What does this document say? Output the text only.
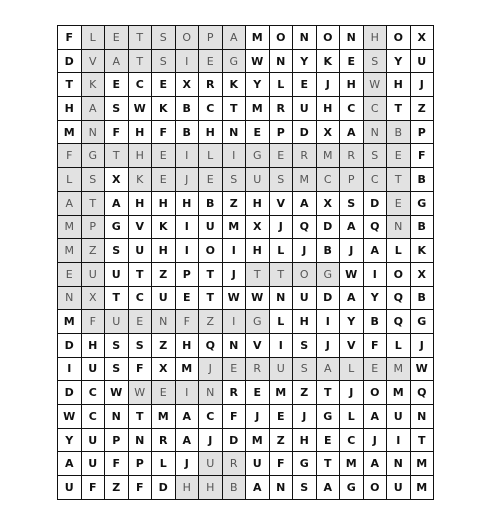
F	L	E	T	S	O	P	A	M	O	N	O	N	H	O	X
D	V	A	T	S	I	E	G	W	N	Y	K	E	S	Y	U
T	K	E	C	E	X	R	K	Y	L	E	J	H	W	H	J
H	A	S	W	K	B	C	T	M	R	U	H	C	C	T	Z
M	N	F	H	F	B	H	N	E	P	D	X	A	N	B	P
F	G	T	H	E	I	L	I	G	E	R	M	R	S	E	F
L	S	X	K	E	J	E	S	U	S	M	C	P	C	T	B
A	T	A	H	H	H	B	Z	H	V	A	X	S	D	E	G
M	P	G	V	K	I	U	M	X	J	Q	D	A	Q	N	B
M	Z	S	U	H	I	O	I	H	L	J	B	J	A	L	K
E	U	U	T	Z	P	T	J	T	T	O	G	W	I	O	X
N	X	T	C	U	E	T	W	W	N	U	D	A	Y	Q	B
M	F	U	E	N	F	Z	I	G	L	H	I	Y	B	Q	G
D	H	S	S	Z	H	Q	N	V	I	S	J	V	F	L	J
I	U	S	F	X	M	J	E	R	U	S	A	L	E	M	W
D	C	W	W	E	I	N	R	E	M	Z	T	J	O	M	Q
W	C	N	T	M	A	C	F	J	E	J	G	L	A	U	N
Y	U	P	N	R	A	J	D	M	Z	H	E	C	J	I	T
A	U	F	P	L	J	U	R	U	F	G	T	M	A	N	M
U	F	Z	F	D	H	H	B	A	N	S	A	G	O	U	M
